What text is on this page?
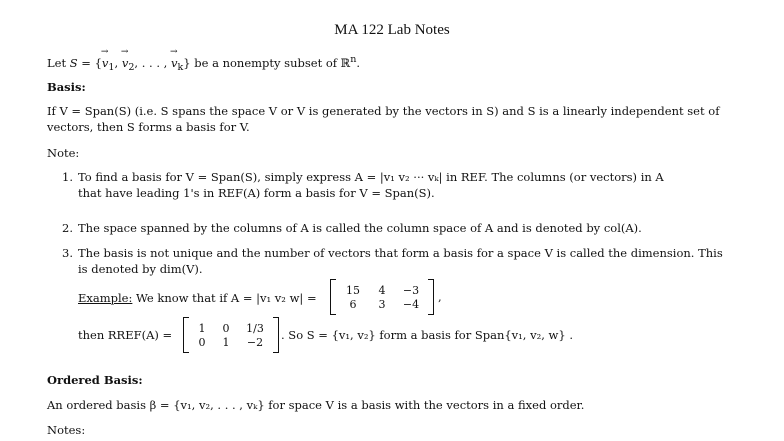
MA 122 Lab Notes
Let S = {→ $v_1$, → $v_2$, . . . , → $v_k$} be a nonempty subset of ℝ$^n$.
Basis:
If V = Span(S) (i.e. S spans the space V or V is generated by the vectors in S) and S is a linearly independent set of
vectors, then S forms a basis for V.
Note:
1. To find a basis for V = Span(S), simply express A = |v₁ v₂ ··· vₖ| in REF. The columns (or vectors) in A
that have leading 1's in REF(A) form a basis for V = Span(S).
2. The space spanned by the columns of A is called the column space of A and is denoted by col(A).
3. The basis is not unique and the number of vectors that form a basis for a space V is called the dimension. This
is denoted by dim(V).
Example: We know that if A = |v₁ v₂ w| =
15	4	−3
6	3	−4 ,
then RREF(A) =	1	0	1/3
0	1	−2	. So S = {v₁, v₂} form a basis for Span{v₁, v₂, w} .
Ordered Basis:
An ordered basis β = {v₁, v₂, . . . , vₖ} for space V is a basis with the vectors in a fixed order.
Notes:
